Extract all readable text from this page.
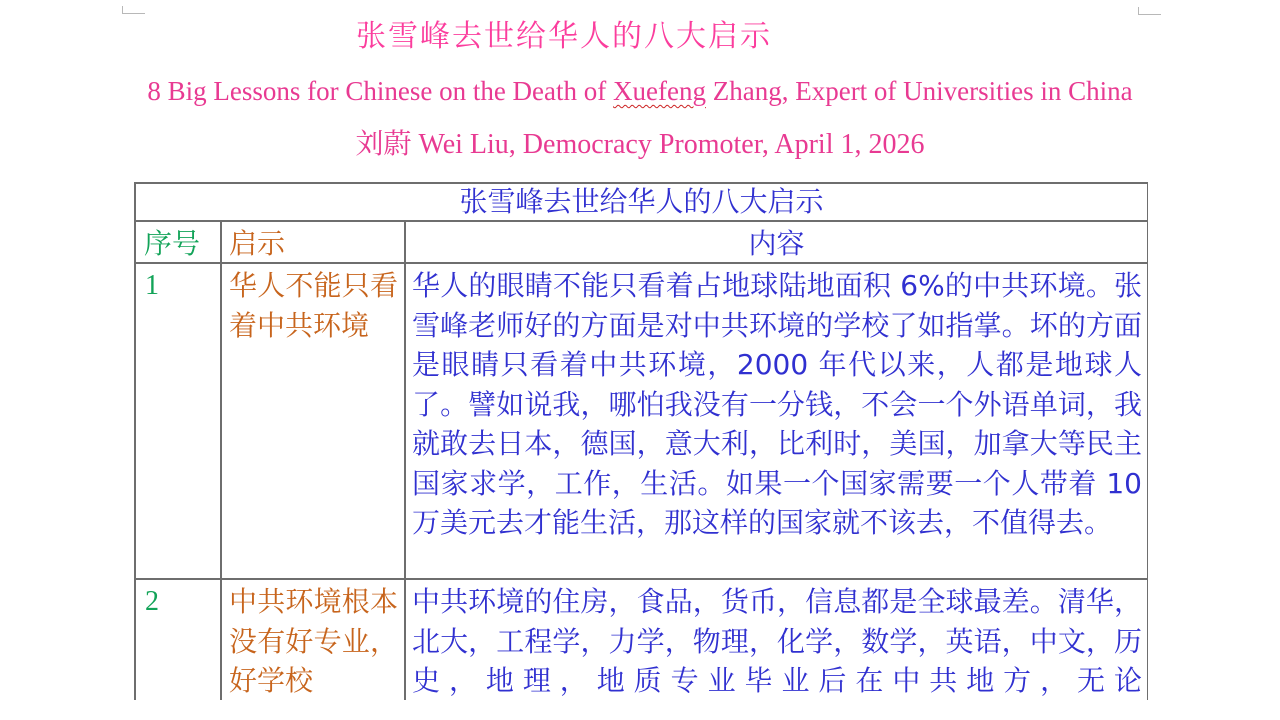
张雪峰去世给华人的八大启示

8 Big Lessons for Chinese on the Death of Xuefeng Zhang, Expert of Universities in China

刘蔚 Wei Liu, Democracy Promoter, April 1, 2026

张雪峰去世给华人的八大启示		
序号	启示	内容
1	华人不能只看着中共环境	华人的眼睛不能只看着占地球陆地面积 6%的中共环境。张雪峰老师好的方面是对中共环境的学校了如指掌。坏的方面是眼睛只看着中共环境，2000 年代以来，人都是地球人了。譬如说我，哪怕我没有一分钱，不会一个外语单词，我就敢去日本，德国，意大利，比利时，美国，加拿大等民主国家求学，工作，生活。如果一个国家需要一个人带着 10 万美元去才能生活，那这样的国家就不该去，不值得去。
2	中共环境根本没有好专业，好学校	中共环境的住房，食品，货币，信息都是全球最差。清华，北大，工程学，力学，物理，化学，数学，英语，中文，历史，地理，地质专业毕业后在中共地方，无论
